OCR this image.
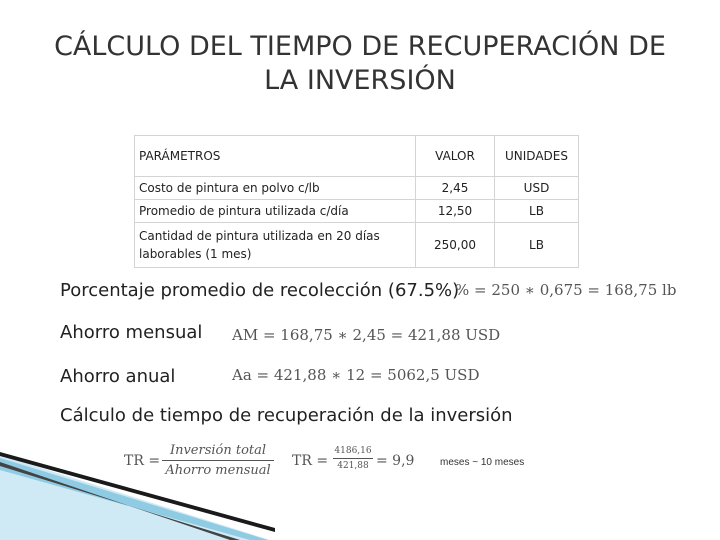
CÁLCULO DEL TIEMPO DE RECUPERACIÓN DE LA INVERSIÓN
PARÁMETROS	VALOR	UNIDADES
Costo de pintura en polvo c/lb	2,45	USD
Promedio de pintura utilizada c/día	12,50	LB
Cantidad de pintura utilizada en 20 días laborables (1 mes)	250,00	LB
Porcentaje promedio de recolección (67.5%)
% = 250 ∗ 0,675 = 168,75 lb
Ahorro mensual AM = 168,75 ∗ 2,45 = 421,88 USD
Ahorro anual	Aa = 421,88 ∗ 12 = 5062,5 USD
Cálculo de tiempo de recuperación de la inversión
TR =
Inversión total
Ahorro mensual
TR =
4186,16
421,88 = 9,9	meses ~ 10 meses
